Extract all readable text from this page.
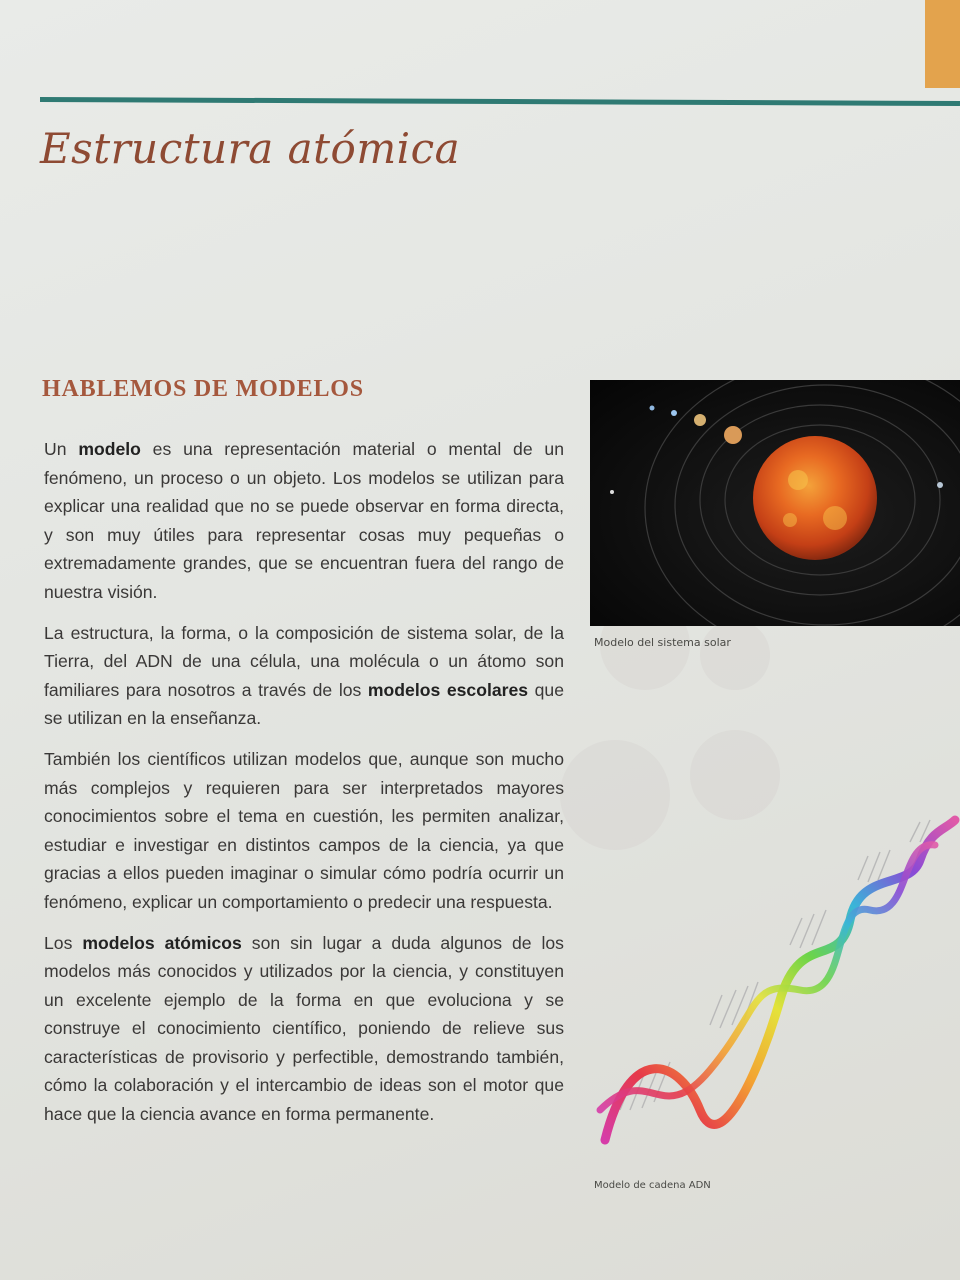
Estructura atómica
HABLEMOS DE MODELOS

Un modelo es una representación material o mental de un fenómeno, un proceso o un objeto. Los modelos se utilizan para explicar una realidad que no se puede observar en forma directa, y son muy útiles para representar cosas muy pequeñas o extremadamente grandes, que se encuentran fuera del rango de nuestra visión.

La estructura, la forma, o la composición de sistema solar, de la Tierra, del ADN de una célula, una molécula o un átomo son familiares para nosotros a través de los modelos escolares que se utilizan en la enseñanza.

También los científicos utilizan modelos que, aunque son mucho más complejos y requieren para ser interpretados mayores conocimientos sobre el tema en cuestión, les permiten analizar, estudiar e investigar en distintos campos de la ciencia, ya que gracias a ellos pueden imaginar o simular cómo podría ocurrir un fenómeno, explicar un comportamiento o predecir una respuesta.

Los modelos atómicos son sin lugar a duda algunos de los modelos más conocidos y utilizados por la ciencia, y constituyen un excelente ejemplo de la forma en que evoluciona y se construye el conocimiento científico, poniendo de relieve sus características de provisorio y perfectible, demostrando también, cómo la colaboración y el intercambio de ideas son el motor que hace que la ciencia avance en forma permanente.

Modelo del sistema solar
Modelo de cadena ADN
